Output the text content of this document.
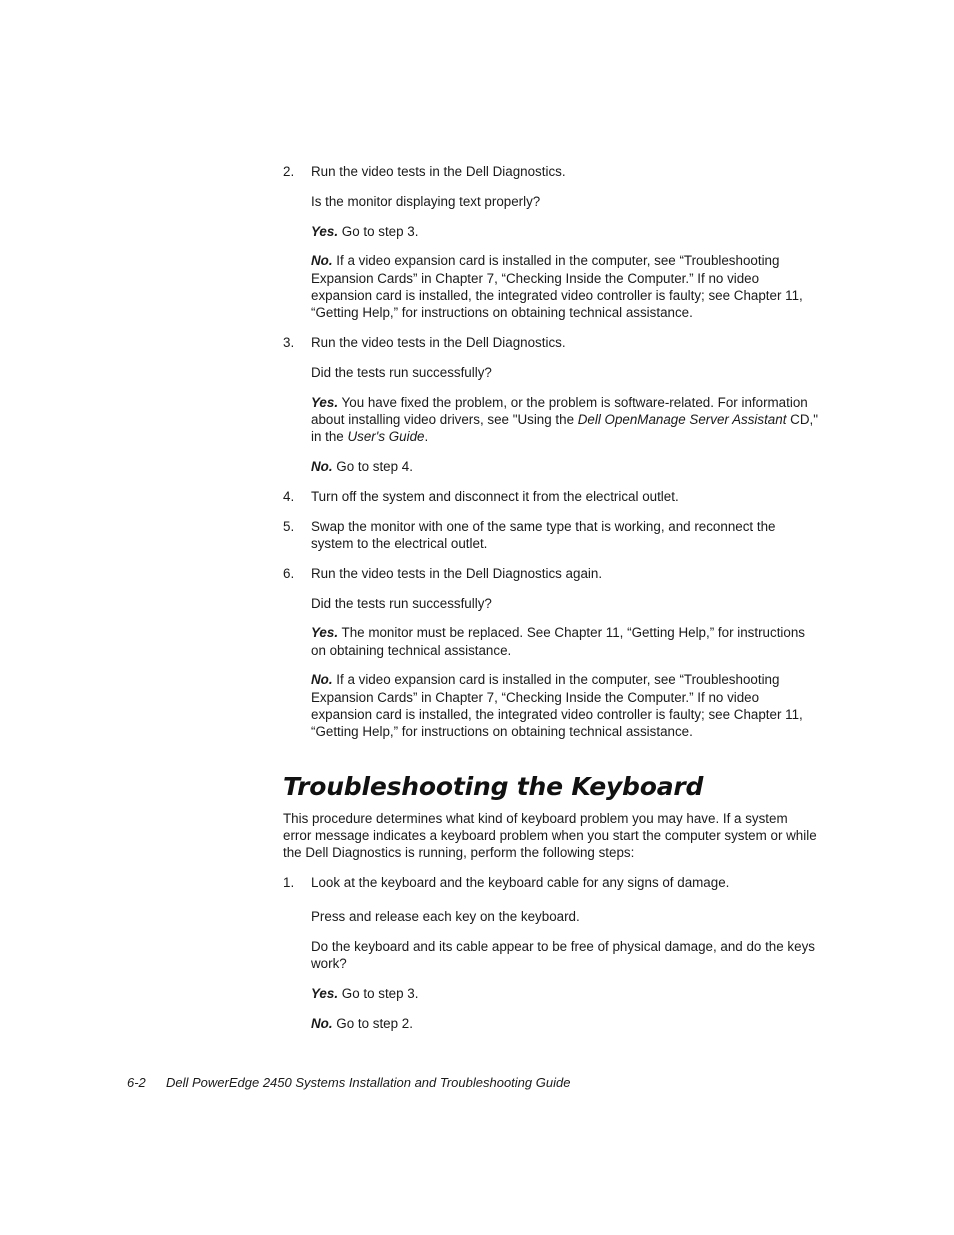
2. Run the video tests in the Dell Diagnostics.
Is the monitor displaying text properly?
Yes. Go to step 3.
No. If a video expansion card is installed in the computer, see “Troubleshooting Expansion Cards” in Chapter 7, “Checking Inside the Computer.” If no video expansion card is installed, the integrated video controller is faulty; see Chapter 11, “Getting Help,” for instructions on obtaining technical assistance.
3. Run the video tests in the Dell Diagnostics.
Did the tests run successfully?
Yes. You have fixed the problem, or the problem is software-related. For information about installing video drivers, see "Using the Dell OpenManage Server Assistant CD," in the User's Guide.
No. Go to step 4.
4. Turn off the system and disconnect it from the electrical outlet.
5. Swap the monitor with one of the same type that is working, and reconnect the system to the electrical outlet.
6. Run the video tests in the Dell Diagnostics again.
Did the tests run successfully?
Yes. The monitor must be replaced. See Chapter 11, “Getting Help,” for instructions on obtaining technical assistance.
No. If a video expansion card is installed in the computer, see “Troubleshooting Expansion Cards” in Chapter 7, “Checking Inside the Computer.” If no video expansion card is installed, the integrated video controller is faulty; see Chapter 11, “Getting Help,” for instructions on obtaining technical assistance.
Troubleshooting the Keyboard
This procedure determines what kind of keyboard problem you may have. If a system error message indicates a keyboard problem when you start the computer system or while the Dell Diagnostics is running, perform the following steps:
1. Look at the keyboard and the keyboard cable for any signs of damage.
Press and release each key on the keyboard.
Do the keyboard and its cable appear to be free of physical damage, and do the keys work?
Yes. Go to step 3.
No. Go to step 2.
6-2 Dell PowerEdge 2450 Systems Installation and Troubleshooting Guide
